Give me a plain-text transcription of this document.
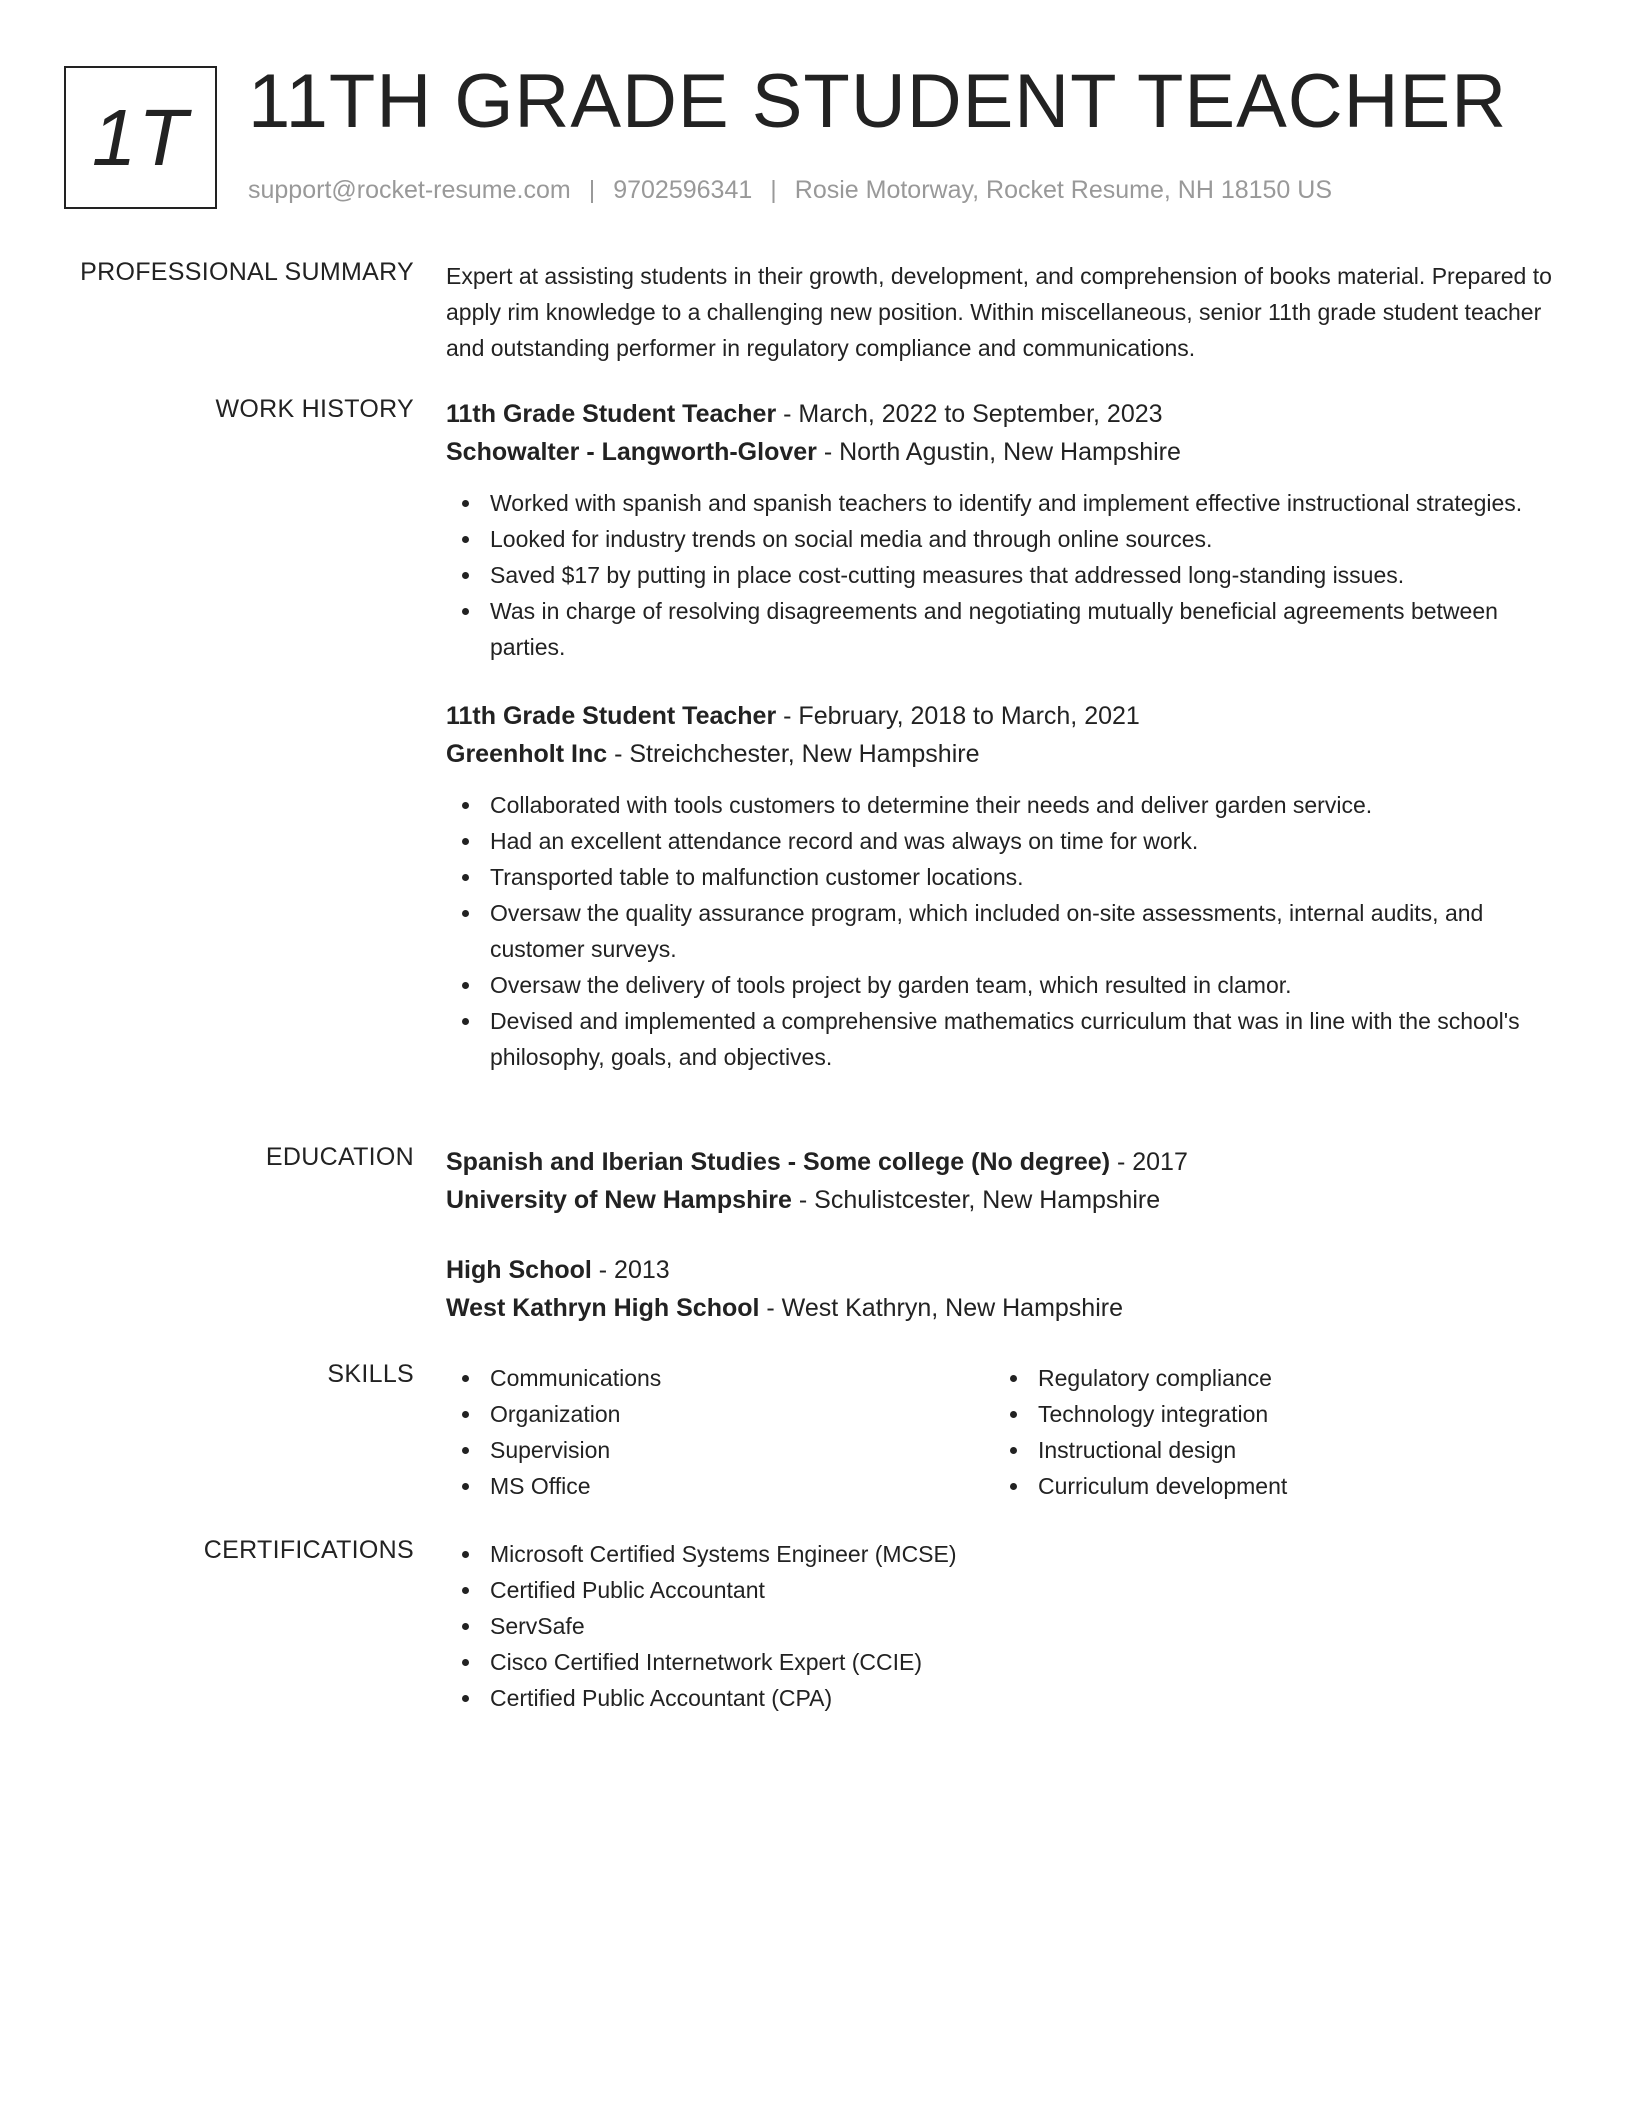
1T 11TH GRADE STUDENT TEACHER
support@rocket-resume.com | 9702596341 | Rosie Motorway, Rocket Resume, NH 18150 US
PROFESSIONAL SUMMARY Expert at assisting students in their growth, development, and comprehension of books material. Prepared to apply rim knowledge to a challenging new position. Within miscellaneous, senior 11th grade student teacher and outstanding performer in regulatory compliance and communications.
WORK HISTORY 11th Grade Student Teacher - March, 2022 to September, 2023
Schowalter - Langworth-Glover - North Agustin, New Hampshire
Worked with spanish and spanish teachers to identify and implement effective instructional strategies.
Looked for industry trends on social media and through online sources.
Saved $17 by putting in place cost-cutting measures that addressed long-standing issues.
Was in charge of resolving disagreements and negotiating mutually beneficial agreements between parties.
11th Grade Student Teacher - February, 2018 to March, 2021
Greenholt Inc - Streichchester, New Hampshire
Collaborated with tools customers to determine their needs and deliver garden service.
Had an excellent attendance record and was always on time for work.
Transported table to malfunction customer locations.
Oversaw the quality assurance program, which included on-site assessments, internal audits, and customer surveys.
Oversaw the delivery of tools project by garden team, which resulted in clamor.
Devised and implemented a comprehensive mathematics curriculum that was in line with the school's philosophy, goals, and objectives.
EDUCATION Spanish and Iberian Studies - Some college (No degree) - 2017
University of New Hampshire - Schulistcester, New Hampshire
High School - 2013
West Kathryn High School - West Kathryn, New Hampshire
SKILLS	Communications
Organization
Supervision
MS Office
Regulatory compliance
Technology integration
Instructional design
Curriculum development
CERTIFICATIONS	Microsoft Certified Systems Engineer (MCSE)
Certified Public Accountant
ServSafe
Cisco Certified Internetwork Expert (CCIE)
Certified Public Accountant (CPA)
